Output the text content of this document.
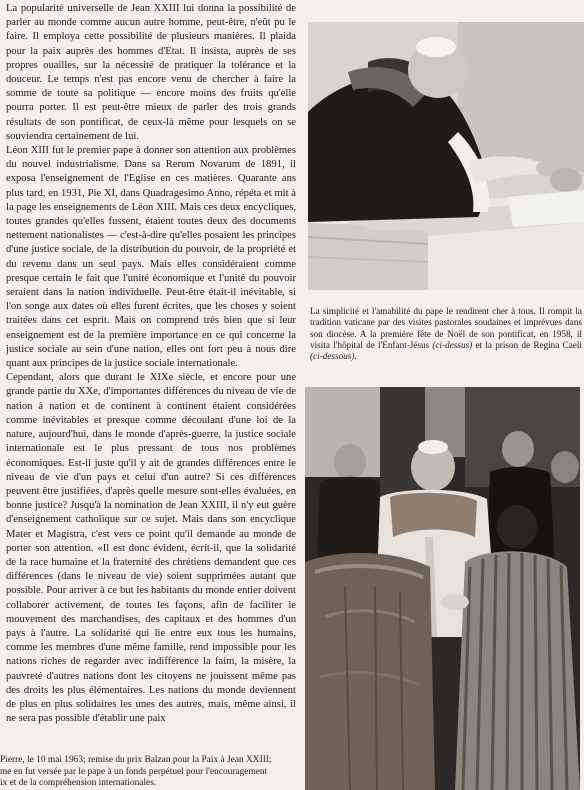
La popularité universelle de Jean XXIII lui donna la possibilité de parler au monde comme aucun autre homme, peut-être, n'eût pu le faire. Il employa cette possibilité de plusieurs manières. Il plaida pour la paix auprès des hommes d'Etat. Il insista, auprès de ses propres ouailles, sur la nécessité de pratiquer la tolérance et la douceur. Le temps n'est pas encore venu de chercher à faire la somme de toute sa politique — encore moins des fruits qu'elle pourra porter. Il est peut-être mieux de parler des trois grands résultats de son pontificat, de ceux-là même pour lesquels on se souviendra certainement de lui.

Léon XIII fut le premier pape à donner son attention aux problèmes du nouvel industrialisme. Dans sa Rerum Novarum de 1891, il exposa l'enseignement de l'Eglise en ces matières. Quarante ans plus tard, en 1931, Pie XI, dans Quadragesimo Anno, répéta et mit à la page les enseignements de Léon XIII. Mais ces deux encycliques, toutes grandes qu'elles fussent, étaient toutes deux des documents nettement nationalistes — c'est-à-dire qu'elles posaient les principes d'une justice sociale, de la distribution du pouvoir, de la propriété et du revenu dans un seul pays. Mais elles considéraient comme presque certain le fait que l'unité économique et l'unité du pouvoir seraient dans la nation individuelle. Peut-être était-il inévitable, si l'on songe aux dates où elles furent écrites, que les choses y soient traitées dans cet esprit. Mais on comprend très bien que si leur enseignement est de la première importance en ce qui concerne la justice sociale au sein d'une nation, elles ont fort peu à nous dire quant aux principes de la justice sociale internationale.

Cependant, alors que durant le XIXe siècle, et encore pour une grande partie du XXe, d'importantes différences du niveau de vie de nation à nation et de continent à continent étaient considérées comme inévitables et presque comme découlant d'une loi de la nature, aujourd'hui, dans le monde d'après-guerre, la justice sociale internationale est le plus pressant de tous nos problèmes économiques. Est-il juste qu'il y ait de grandes différences entre le niveau de vie d'un pays et celui d'un autre? Si ces différences peuvent être justifiées, d'après quelle mesure sont-elles évaluées, en bonne justice? Jusqu'à la nomination de Jean XXIII, il n'y eut guère d'enseignement catholique sur ce sujet. Mais dans son encyclique Mater et Magistra, c'est vers ce point qu'il demande au monde de porter son attention. «Il est donc évident, écrit-il, que la solidarité de la race humaine et la fraternité des chrétiens demandent que ces différences (dans le niveau de vie) soient supprimées autant que possible. Pour arriver à ce but les habitants du monde entier doivent collaborer activement, de toutes les façons, afin de faciliter le mouvement des marchandises, des capitaux et des hommes d'un pays à l'autre. La solidarité qui lie entre eux tous les humains, comme les membres d'une même famille, rend impossible pour les nations riches de regarder avec indifférence la faim, la misère, la pauvreté d'autres nations dont les citoyens ne jouissent même pas des droits les plus élémentaires. Les nations du monde deviennent de plus en plus solidaires les unes des autres, mais, même ainsi, il ne sera pas possible d'établir une paix

Pierre, le 10 mai 1963; remise du prix Balzan pour la Paix à Jean XXIII;
me en fut versée par le pape à un fonds perpétuel pour l'encouragement
ix et de la compréhension internationales.
La simplicité et l'amabilité du pape le rendirent cher à tous. Il rompit la tradition vaticane par des visites pastorales soudaines et imprévues dans son diocèse. A la première fête de Noël de son pontificat, en 1958, il visita l'hôpital de l'Enfant-Jésus (ci-dessus) et la prison de Regina Caeli (ci-dessous).
